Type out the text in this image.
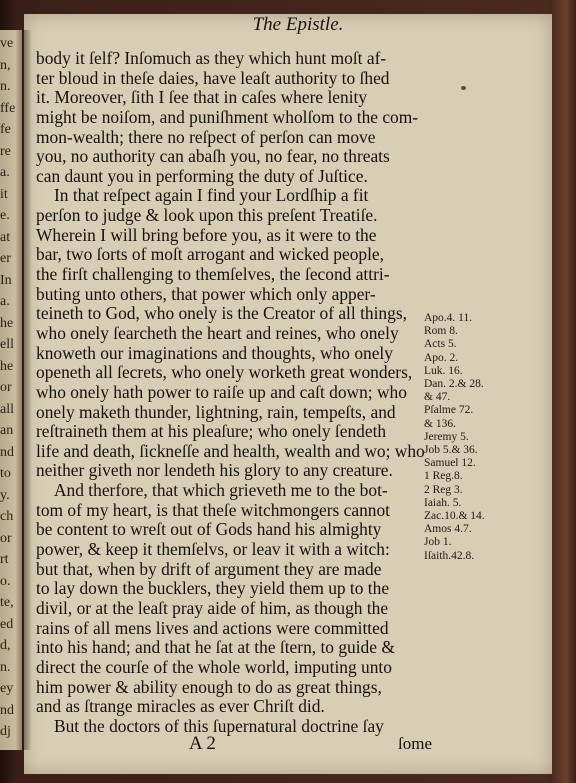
ve
n,
n.
ffe
fe
re
a.
it
e.
at
er
In
a.
he
ell
he
or
all
an
nd
to
y.
ch
or
rt
o.
te,
ed
d,
n.
ey
nd
dj
The Epistle.
body it ſelf? Inſomuch as they which hunt moſt af-
ter bloud in theſe daies, have leaſt authority to ſhed
it. Moreover, ſith I ſee that in caſes where lenity
might be noiſom, and puniſhment wholſom to the com-
mon-wealth; there no reſpect of perſon can move
you, no authority can abaſh you, no fear, no threats
can daunt you in performing the duty of Juſtice.
In that reſpect again I find your Lordſhip a fit
perſon to judge & look upon this preſent Treatiſe.
Wherein I will bring before you, as it were to the
bar, two ſorts of moſt arrogant and wicked people,
the firſt challenging to themſelves, the ſecond attri-
buting unto others, that power which only apper-
teineth to God, who onely is the Creator of all things,
who onely ſearcheth the heart and reines, who onely
knoweth our imaginations and thoughts, who onely
openeth all ſecrets, who onely worketh great wonders,
who onely hath power to raiſe up and caſt down; who
onely maketh thunder, lightning, rain, tempeſts, and
reſtraineth them at his pleaſure; who onely ſendeth
life and death, ſickneſſe and health, wealth and wo; who
neither giveth nor lendeth his glory to any creature.
And therfore, that which grieveth me to the bot-
tom of my heart, is that theſe witchmongers cannot
be content to wreſt out of Gods hand his almighty
power, & keep it themſelvs, or leav it with a witch:
but that, when by drift of argument they are made
to lay down the bucklers, they yield them up to the
divil, or at the leaſt pray aide of him, as though the
rains of all mens lives and actions were committed
into his hand; and that he ſat at the ſtern, to guide &
direct the courſe of the whole world, imputing unto
him power & ability enough to do as great things,
and as ſtrange miracles as ever Chriſt did.
But the doctors of this ſupernatural doctrine ſay
Apo.4. 11.
Rom 8.
Acts 5.
Apo. 2.
Luk. 16.
Dan. 2.& 28.
& 47.
Pſalme 72.
& 136.
Jeremy 5.
Job 5.& 36.
Samuel 12.
1 Reg.8.
2 Reg 3.
Iaiah. 5.
Zac.10.& 14.
Amos 4.7.
Job 1.
Iſaith.42.8.
A 2	ſome
